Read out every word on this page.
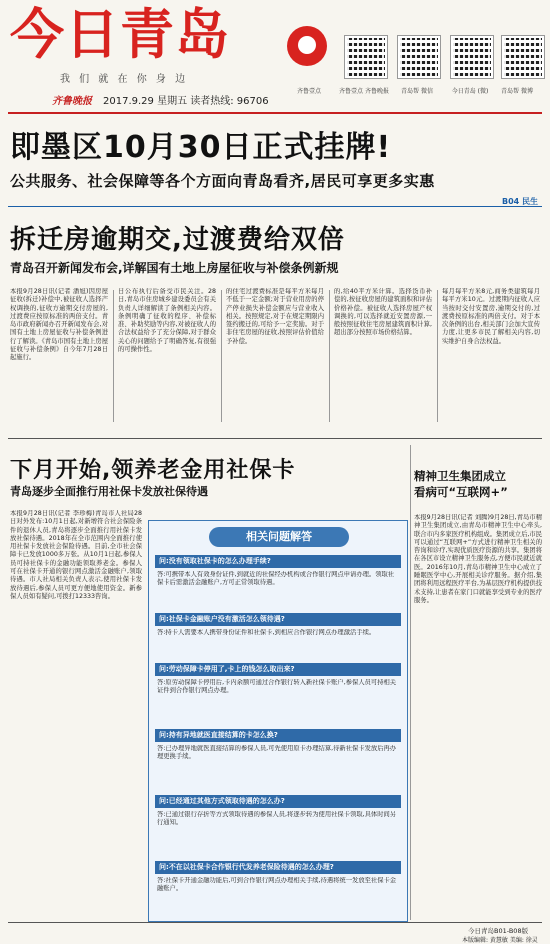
今日青岛
我 们 就 在 你 身 边
齐鲁晚报 2017.9.29 星期五 读者热线: 96706
齐鲁壹点	齐鲁壹点 齐鲁晚报	青岛帮 微信	今日青岛 (微)	青岛帮 微博
即墨区10月30日正式挂牌!
公共服务、社会保障等各个方面向青岛看齐,居民可享更多实惠
B04 民生
拆迁房逾期交,过渡费给双倍
青岛召开新闻发布会,详解国有土地上房屋征收与补偿条例新规
本报9月28日讯(记者 潘旭)因房屋征收(拆迁)补偿中,被征收人选择产权调换的,征收方逾期交付房屋的,过渡费应按原标准的两倍支付。青岛市政府新闻办召开新闻发布会,对国有土地上房屋征收与补偿条例进行了解读。《青岛市国有土地上房屋征收与补偿条例》自今年7月28日起施行。
日公布执行后备受市民关注。28日,青岛市住房城乡建设委员会有关负责人详细解读了条例相关内容。条例明确了征收的程序、补偿标准、补助奖励等内容,对被征收人的合法权益给予了充分保障,对于群众关心的问题给予了明确答复,有很强的可操作性。
的住宅过渡费标准是每平方米每月不低于一定金额;对于营业用房的停产停业损失补偿金额应与营业收入相关。按照规定,对于在规定期限内签约搬迁的,可给予一定奖励。对于非住宅房屋的征收,按照评估价值给予补偿。
的,给40平方米计算。选择货币补偿的,按征收房屋的建筑面积和评估价格补偿。被征收人选择房屋产权调换的,可以选择就近安置房源,一般按照征收住宅房屋建筑面积计算,超出部分按照市场价格结算。
每月每平方米8元,商务类建筑每月每平方米10元。过渡期内征收人应当按时交付安置房,逾期交付的,过渡费按原标准的两倍支付。对于本次条例的出台,相关部门会加大宣传力度,让更多市民了解相关内容,切实维护自身合法权益。
下月开始,领养老金用社保卡
青岛逐步全面推行用社保卡发放社保待遇
本报9月28日讯(记者 李珍梅)青岛市人社局28日对外发布:10月1日起,对新增符合社会保险条件的退休人员,青岛将逐步全面推行用社保卡发放社保待遇。2018年在全市范围内全面推行使用社保卡发放社会保险待遇。目前,全市社会保障卡已发放1000多万张。从10月1日起,参保人员可持社保卡的金融功能领取养老金。参保人可在社保卡开通的银行网点激活金融账户,领取待遇。市人社局相关负责人表示,使用社保卡发放待遇后,参保人员可更方便地使用资金。新参保人员如有疑问,可拨打12333咨询。
相关问题解答
问:没有领取社保卡的怎么办理手续?
答:可携带本人有效身份证件,到就近的社保经办机构或合作银行网点申请办理。领取社保卡后需激活金融账户,方可正常领取待遇。
问:社保卡金融账户没有激活怎么领待遇?
答:持卡人需要本人携带身份证件和社保卡,到相应合作银行网点办理激活手续。
问:劳动保障卡停用了,卡上的钱怎么取出来?
答:原劳动保障卡停用后,卡内余额可通过合作银行转入新社保卡账户,参保人员可持相关证件到合作银行网点办理。
问:持有异地就医直接结算的卡怎么换?
答:已办理异地就医直接结算的参保人员,可先使用原卡办理结算,待新社保卡发放后再办理更换手续。
问:已经通过其他方式领取待遇的怎么办?
答:已通过银行存折等方式领取待遇的参保人员,将逐步转为使用社保卡领取,具体时间另行通知。
问:不在以社保卡合作银行代发养老保险待遇的怎么办理?
答:社保卡开通金融功能后,可到合作银行网点办理相关手续,待遇将统一发放至社保卡金融账户。
精神卫生集团成立
看病可“互联网+”
本报9月28日讯(记者 刘腾)9月28日,青岛市精神卫生集团成立,由青岛市精神卫生中心牵头,联合市内多家医疗机构组成。集团成立后,市民可以通过“互联网+”方式进行精神卫生相关的咨询和诊疗,实现优质医疗资源的共享。集团将在各区市设立精神卫生服务点,方便市民就近就医。2016年10月,青岛市精神卫生中心成立了睡眠医学中心,开展相关诊疗服务。据介绍,集团将利用远程医疗平台,为基层医疗机构提供技术支持,让患者在家门口就能享受到专业的医疗服务。
今日青岛B01-B08版
本版编辑: 黄慧敏 美编: 徐灵
